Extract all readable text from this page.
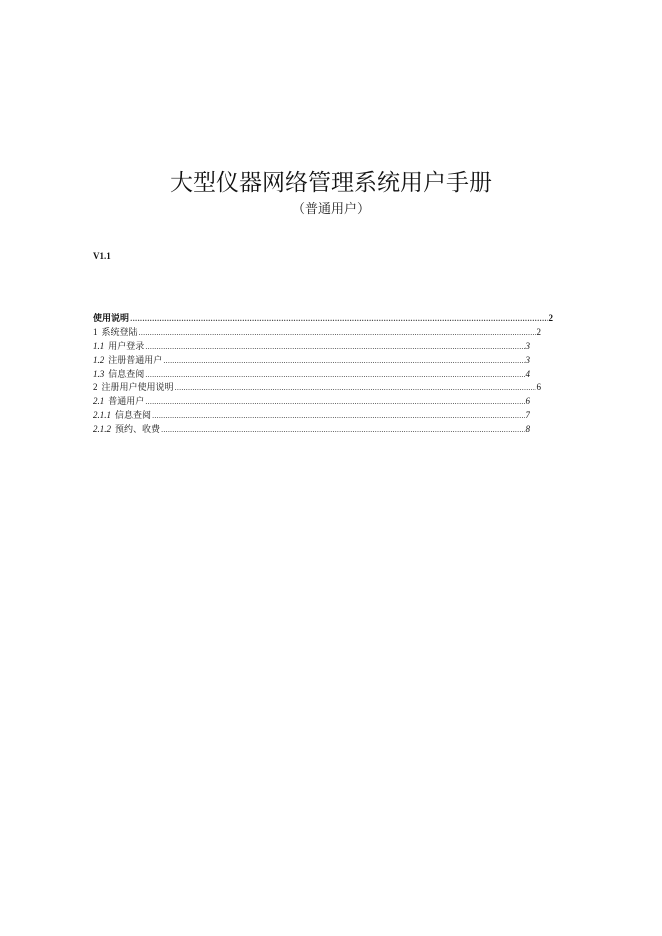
大型仪器网络管理系统用户手册
（普通用户）
V1.1
使用说明 .....	2
1 系统登陆 .....	2
1.1 用户登录 .....	3
1.2 注册普通用户 .....	3
1.3 信息查阅 .....	4
2 注册用户使用说明 .....	6
2.1 普通用户 .....	6
2.1.1 信息查阅 .....	7
2.1.2 预约、收费 .....	8
